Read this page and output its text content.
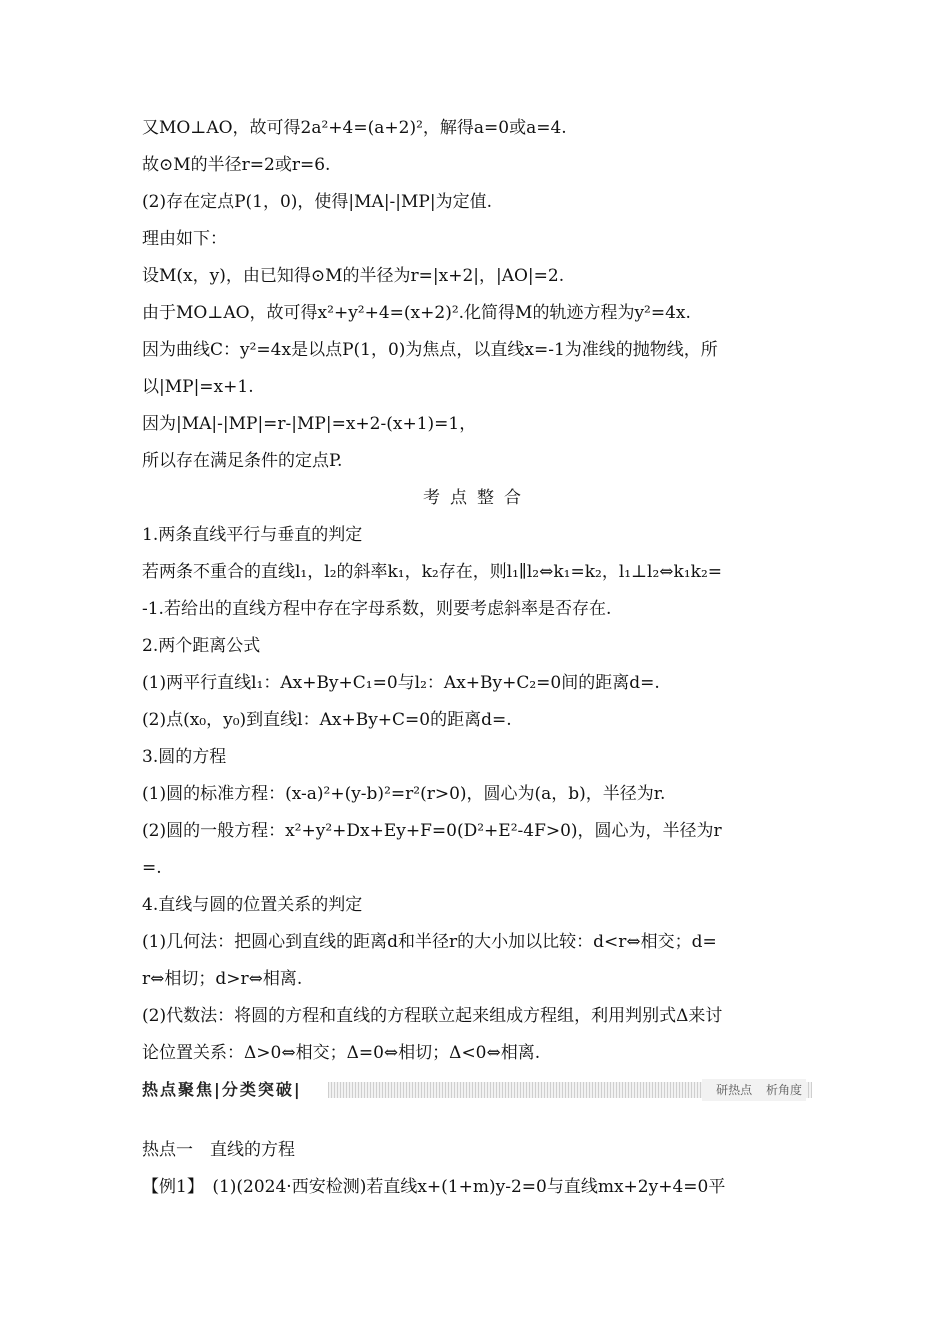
又MO⊥AO，故可得2a²+4=(a+2)²，解得a=0或a=4.
故⊙M的半径r=2或r=6.
(2)存在定点P(1，0)，使得|MA|-|MP|为定值.
理由如下：
设M(x，y)，由已知得⊙M的半径为r=|x+2|，|AO|=2.
由于MO⊥AO，故可得x²+y²+4=(x+2)².化简得M的轨迹方程为y²=4x.
因为曲线C：y²=4x是以点P(1，0)为焦点，以直线x=-1为准线的抛物线，所
以|MP|=x+1.
因为|MA|-|MP|=r-|MP|=x+2-(x+1)=1，
所以存在满足条件的定点P.
考点整合
1.两条直线平行与垂直的判定
若两条不重合的直线l₁，l₂的斜率k₁，k₂存在，则l₁∥l₂⇔k₁=k₂，l₁⊥l₂⇔k₁k₂=
-1.若给出的直线方程中存在字母系数，则要考虑斜率是否存在.
2.两个距离公式
(1)两平行直线l₁：Ax+By+C₁=0与l₂：Ax+By+C₂=0间的距离d=.
(2)点(x₀，y₀)到直线l：Ax+By+C=0的距离d=.
3.圆的方程
(1)圆的标准方程：(x-a)²+(y-b)²=r²(r>0)，圆心为(a，b)，半径为r.
(2)圆的一般方程：x²+y²+Dx+Ey+F=0(D²+E²-4F>0)，圆心为，半径为r
=.
4.直线与圆的位置关系的判定
(1)几何法：把圆心到直线的距离d和半径r的大小加以比较：d<r⇔相交；d=
r⇔相切；d>r⇔相离.
(2)代数法：将圆的方程和直线的方程联立起来组成方程组，利用判别式Δ来讨
论位置关系：Δ>0⇔相交；Δ=0⇔相切；Δ<0⇔相离.
热点聚焦|分类突破|	研热点 析角度
热点一　直线的方程
【例1】　(1)(2024·西安检测)若直线x+(1+m)y-2=0与直线mx+2y+4=0平
